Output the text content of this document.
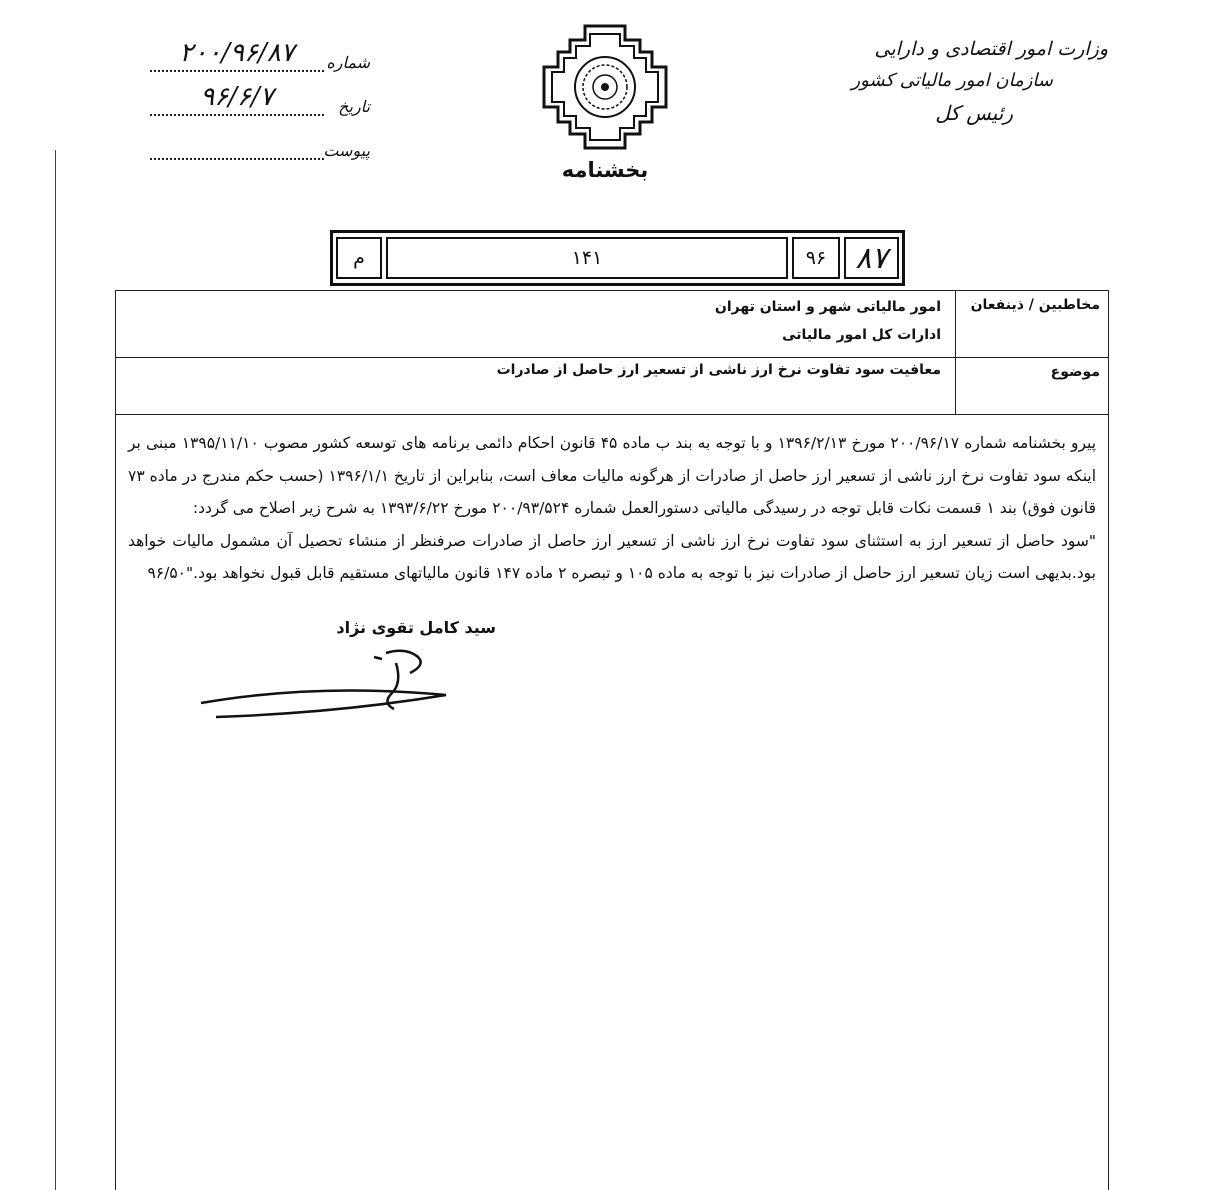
شماره
۲۰۰/۹۶/۸۷
تاریخ
۹۶/۶/۷
پیوست
بخشنامه
وزارت امور اقتصادی و دارایی
سازمان امور مالیاتی کشور
رئیس کل
۸۷
۹۶
۱۴۱
م
مخاطبین / ذینفعان	امور مالیاتی شهر و استان تهران
ادارات کل امور مالیاتی

موضوع	معافیت سود تفاوت نرخ ارز ناشی از تسعیر ارز حاصل از صادرات

پیرو بخشنامه شماره ۲۰۰/۹۶/۱۷ مورخ ۱۳۹۶/۲/۱۳ و با توجه به بند ب ماده ۴۵ قانون احکام دائمی برنامه های توسعه کشور مصوب ۱۳۹۵/۱۱/۱۰ مبنی بر اینکه سود تفاوت نرخ ارز ناشی از تسعیر ارز حاصل از صادرات از هرگونه مالیات معاف است، بنابراین از تاریخ ۱۳۹۶/۱/۱ (حسب حکم مندرج در ماده ۷۳ قانون فوق) بند ۱ قسمت نکات قابل توجه در رسیدگی مالیاتی دستورالعمل شماره ۲۰۰/۹۳/۵۲۴ مورخ ۱۳۹۳/۶/۲۲ به شرح زیر اصلاح می گردد:

"سود حاصل از تسعیر ارز به استثنای سود تفاوت نرخ ارز ناشی از تسعیر ارز حاصل از صادرات صرفنظر از منشاء تحصیل آن مشمول مالیات خواهد بود.بدیهی است زیان تسعیر ارز حاصل از صادرات نیز با توجه به ماده ۱۰۵ و تبصره ۲ ماده ۱۴۷ قانون مالیاتهای مستقیم قابل قبول نخواهد بود."۹۶/۵۰

سید کامل تقوی نژاد	
